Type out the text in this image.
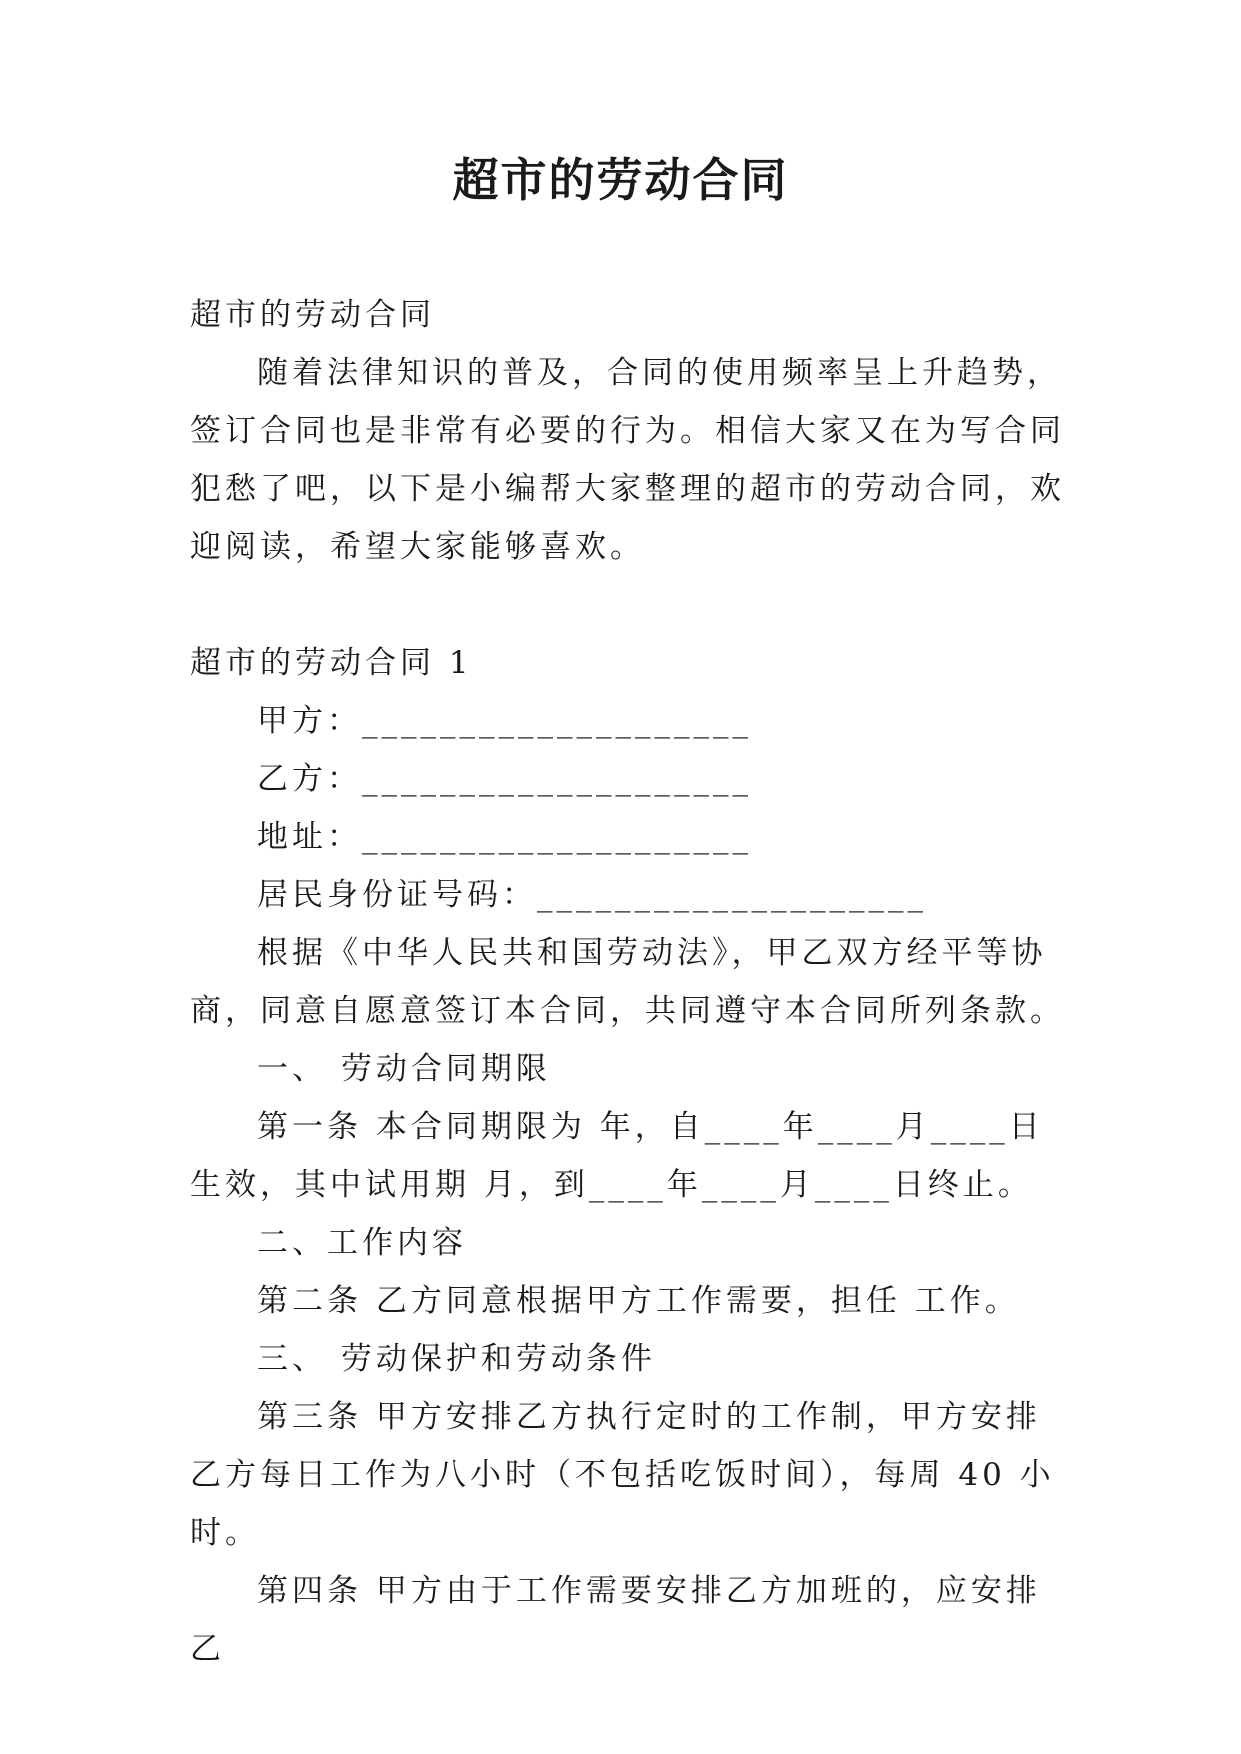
超市的劳动合同

超市的劳动合同

随着法律知识的普及，合同的使用频率呈上升趋势，签订合同也是非常有必要的行为。相信大家又在为写合同犯愁了吧，以下是小编帮大家整理的超市的劳动合同，欢迎阅读，希望大家能够喜欢。

超市的劳动合同 1

甲方：____________________

乙方：____________________

地址：____________________

居民身份证号码：____________________

根据《中华人民共和国劳动法》，甲乙双方经平等协商，同意自愿意签订本合同，共同遵守本合同所列条款。

一、 劳动合同期限

第一条 本合同期限为 年，自____年____月____日生效，其中试用期 月，到____年____月____日终止。

二、工作内容

第二条 乙方同意根据甲方工作需要，担任 工作。

三、 劳动保护和劳动条件

第三条 甲方安排乙方执行定时的工作制，甲方安排乙方每日工作为八小时（不包括吃饭时间），每周 40 小时。

第四条 甲方由于工作需要安排乙方加班的，应安排乙
